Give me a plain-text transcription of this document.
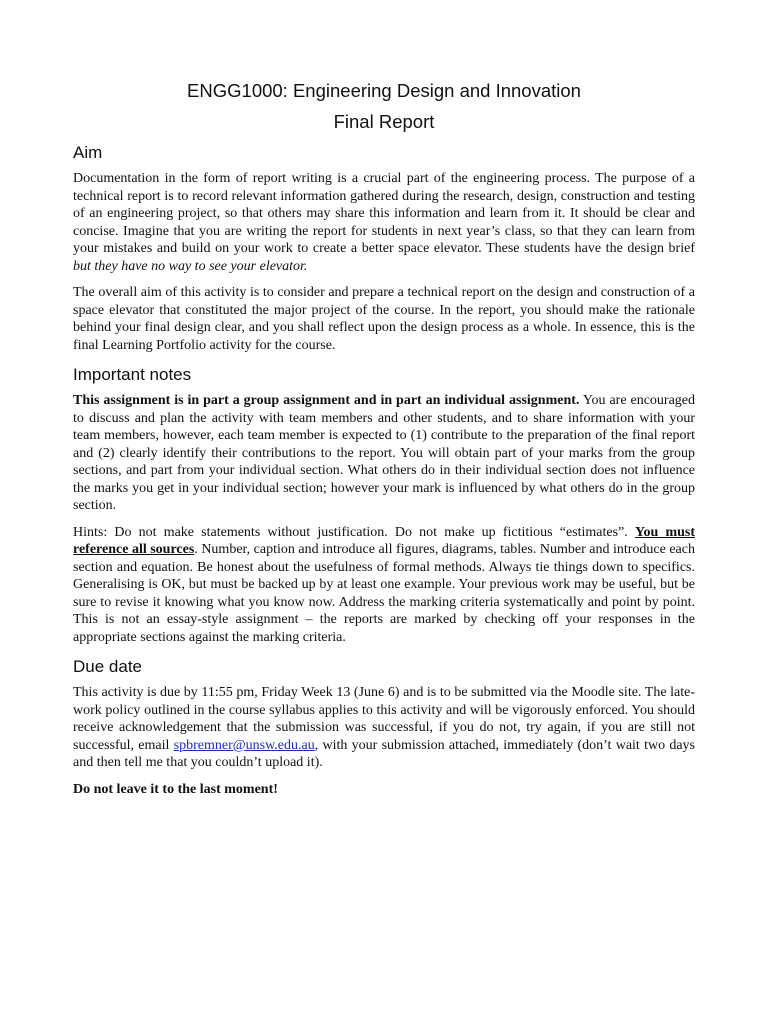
ENGG1000: Engineering Design and Innovation

Final Report

Aim

Documentation in the form of report writing is a crucial part of the engineering process. The purpose of a technical report is to record relevant information gathered during the research, design, construction and testing of an engineering project, so that others may share this information and learn from it. It should be clear and concise. Imagine that you are writing the report for students in next year’s class, so that they can learn from your mistakes and build on your work to create a better space elevator. These students have the design brief but they have no way to see your elevator.

The overall aim of this activity is to consider and prepare a technical report on the design and construction of a space elevator that constituted the major project of the course. In the report, you should make the rationale behind your final design clear, and you shall reflect upon the design process as a whole. In essence, this is the final Learning Portfolio activity for the course.

Important notes

This assignment is in part a group assignment and in part an individual assignment. You are encouraged to discuss and plan the activity with team members and other students, and to share information with your team members, however, each team member is expected to (1) contribute to the preparation of the final report and (2) clearly identify their contributions to the report. You will obtain part of your marks from the group sections, and part from your individual section. What others do in their individual section does not influence the marks you get in your individual section; however your mark is influenced by what others do in the group section.

Hints: Do not make statements without justification. Do not make up fictitious “estimates”. You must reference all sources. Number, caption and introduce all figures, diagrams, tables. Number and introduce each section and equation. Be honest about the usefulness of formal methods. Always tie things down to specifics. Generalising is OK, but must be backed up by at least one example. Your previous work may be useful, but be sure to revise it knowing what you know now. Address the marking criteria systematically and point by point. This is not an essay-style assignment – the reports are marked by checking off your responses in the appropriate sections against the marking criteria.

Due date

This activity is due by 11:55 pm, Friday Week 13 (June 6) and is to be submitted via the Moodle site. The late-work policy outlined in the course syllabus applies to this activity and will be vigorously enforced. You should receive acknowledgement that the submission was successful, if you do not, try again, if you are still not successful, email spbremner@unsw.edu.au, with your submission attached, immediately (don’t wait two days and then tell me that you couldn’t upload it).

Do not leave it to the last moment!
